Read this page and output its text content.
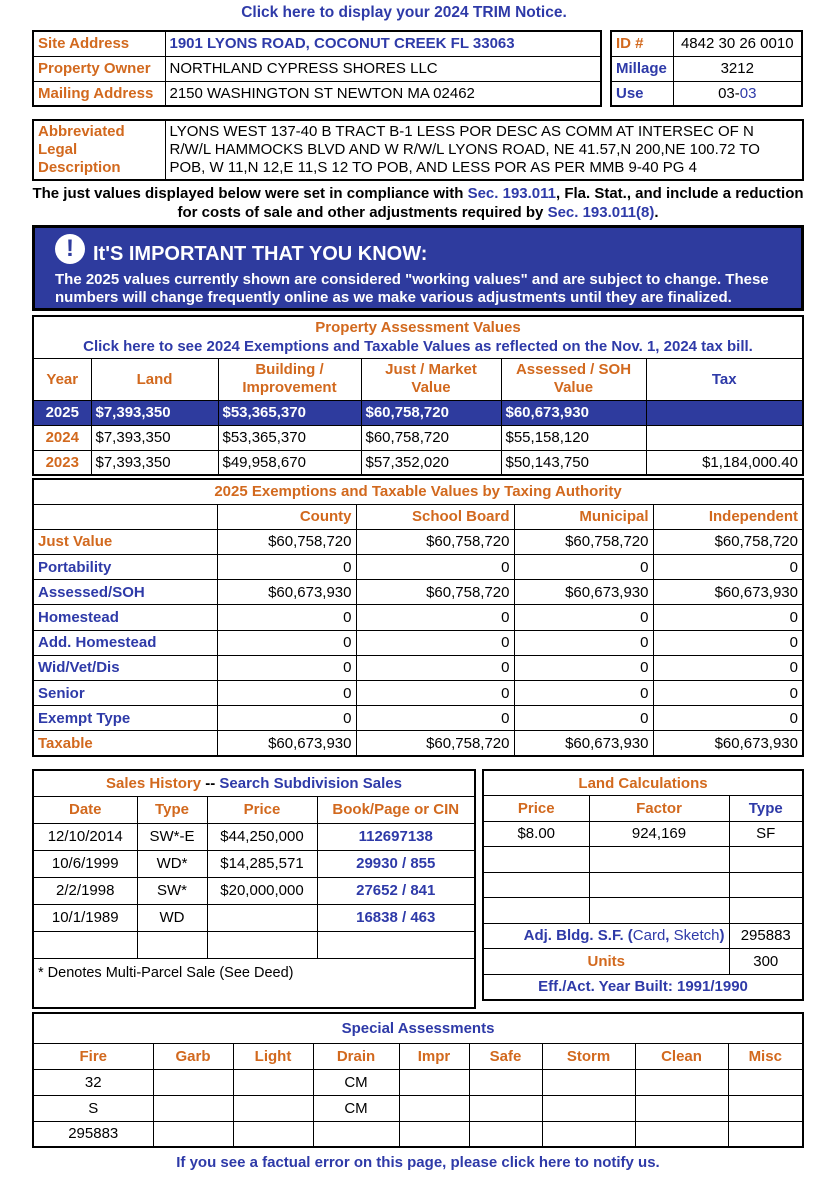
Click here to display your 2024 TRIM Notice.
Site Address	1901 LYONS ROAD, COCONUT CREEK FL 33063
Property Owner	NORTHLAND CYPRESS SHORES LLC
Mailing Address	2150 WASHINGTON ST NEWTON MA 02462
ID #	4842 30 26 0010
Millage	3212
Use	03-03
Abbreviated
Legal
Description
	LYONS WEST 137-40 B TRACT B-1 LESS POR DESC AS COMM AT INTERSEC OF N R/W/L HAMMOCKS BLVD AND W R/W/L LYONS ROAD, NE 41.57,N 200,NE 100.72 TO POB, W 11,N 12,E 11,S 12 TO POB, AND LESS POR AS PER MMB 9-40 PG 4
The just values displayed below were set in compliance with Sec. 193.011, Fla. Stat., and include a reduction for costs of sale and other adjustments required by Sec. 193.011(8).
! It'S IMPORTANT THAT YOU KNOW:
The 2025 values currently shown are considered "working values" and are subject to change. These numbers will change frequently online as we make various adjustments until they are finalized.
Property Assessment Values
Click here to see 2024 Exemptions and Taxable Values as reflected on the Nov. 1, 2024 tax bill.					

Year	Land	Building / Improvement	Just / Market Value	Assessed / SOH Value	Tax
2025	$7,393,350	$53,365,370	$60,758,720	$60,673,930	
2024	$7,393,350	$53,365,370	$60,758,720	$55,158,120	
2023	$7,393,350	$49,958,670	$57,352,020	$50,143,750	$1,184,000.40
2025 Exemptions and Taxable Values by Taxing Authority				
	County	School Board	Municipal	Independent
Just Value	$60,758,720	$60,758,720	$60,758,720	$60,758,720
Portability	0	0	0	0
Assessed/SOH	$60,673,930	$60,758,720	$60,673,930	$60,673,930
Homestead	0	0	0	0
Add. Homestead	0	0	0	0
Wid/Vet/Dis	0	0	0	0
Senior	0	0	0	0
Exempt Type	0	0	0	0
Taxable	$60,673,930	$60,758,720	$60,673,930	$60,673,930
Sales History -- Search Subdivision Sales			
Date	Type	Price	Book/Page or CIN
12/10/2014	SW*-E	$44,250,000	112697138
10/6/1999	WD*	$14,285,571	29930 / 855
2/2/1998	SW*	$20,000,000	27652 / 841
10/1/1989	WD		16838 / 463

* Denotes Multi-Parcel Sale (See Deed)			
Land Calculations		
Price	Factor	Type
$8.00	924,169	SF

Adj. Bldg. S.F. (Card, Sketch)		295883
Units		300
Eff./Act. Year Built: 1991/1990		
Special Assessments								
Fire	Garb	Light	Drain	Impr	Safe	Storm	Clean	Misc
32			CM					
S			CM					
295883								
If you see a factual error on this page, please click here to notify us.
